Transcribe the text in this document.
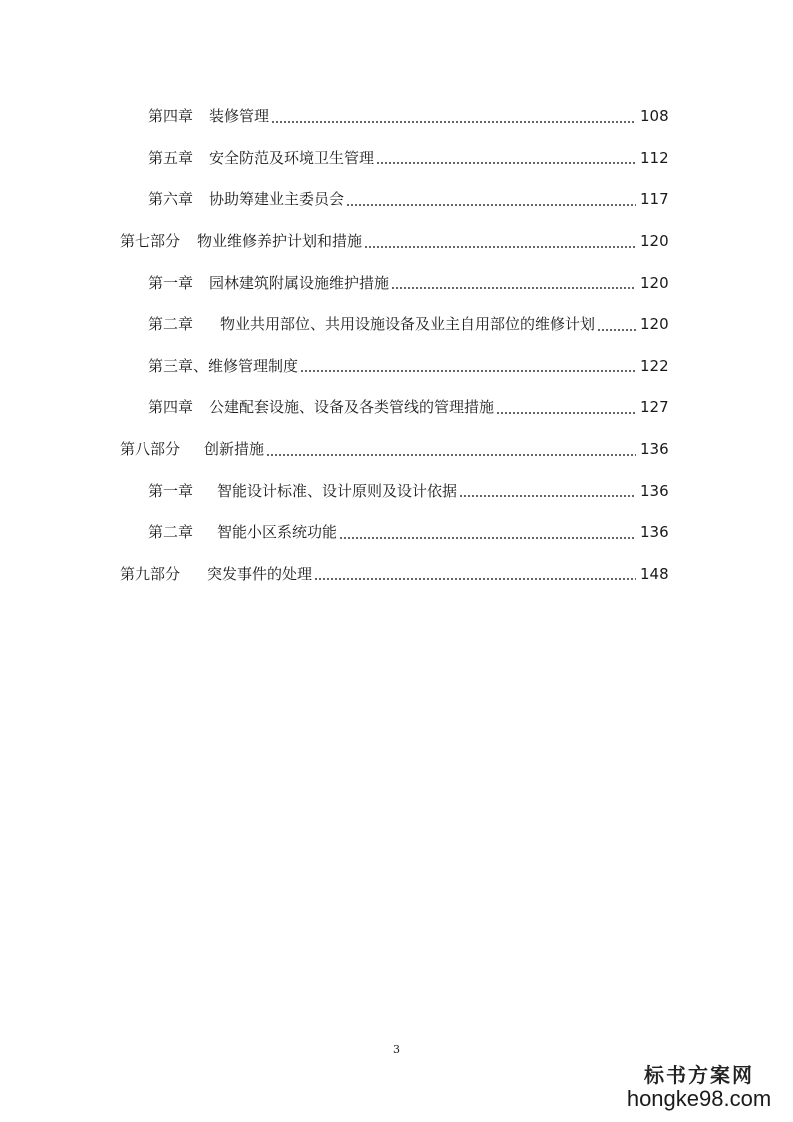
第四章 装修管理	108
第五章 安全防范及环境卫生管理	112
第六章 协助筹建业主委员会	117
第七部分 物业维修养护计划和措施	120
第一章 园林建筑附属设施维护措施	120
第二章 物业共用部位、共用设施设备及业主自用部位的维修计划	120
第三章、维修管理制度	122
第四章 公建配套设施、设备及各类管线的管理措施	127
第八部分 创新措施	136
第一章 智能设计标准、设计原则及设计依据	136
第二章 智能小区系统功能	136
第九部分 突发事件的处理	148
3
标书方案网
hongke98.com
